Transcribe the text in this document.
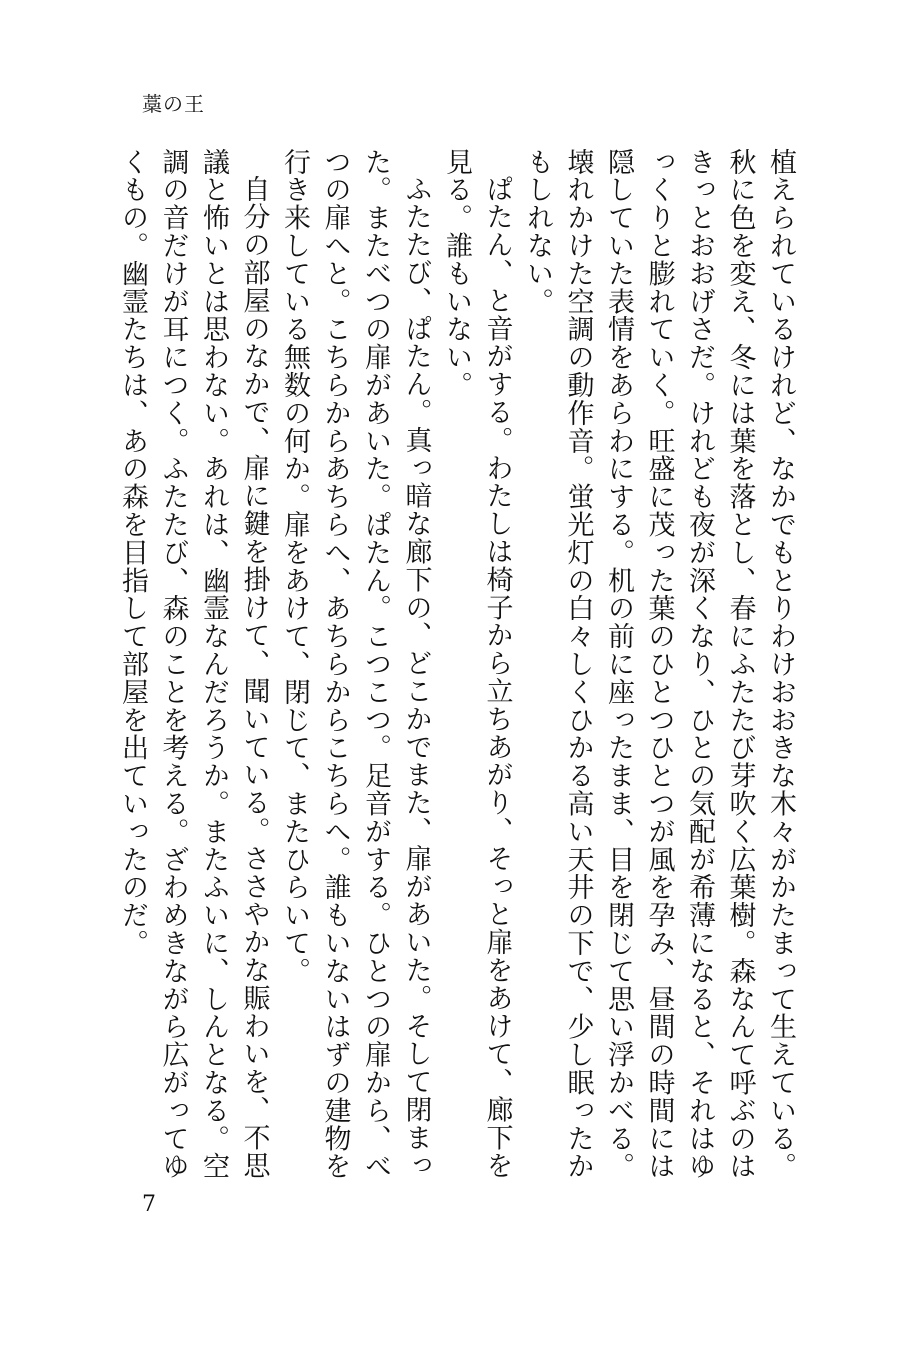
藁の王

植えられているけれど、なかでもとりわけおおきな木々がかたまって生えている。秋に色を変え、冬には葉を落とし、春にふたたび芽吹く広葉樹。森なんて呼ぶのはきっとおおげさだ。けれども夜が深くなり、ひとの気配が希薄になると、それはゆっくりと膨れていく。旺盛に茂った葉のひとつひとつが風を孕み、昼間の時間には隠していた表情をあらわにする。机の前に座ったまま、目を閉じて思い浮かべる。壊れかけた空調の動作音。蛍光灯の白々しくひかる高い天井の下で、少し眠ったかもしれない。

ぱたん、と音がする。わたしは椅子から立ちあがり、そっと扉をあけて、廊下を見る。誰もいない。

ふたたび、ぱたん。真っ暗な廊下の、どこかでまた、扉があいた。そして閉まった。またべつの扉があいた。ぱたん。こつこつ。足音がする。ひとつの扉から、べつの扉へと。こちらからあちらへ、あちらからこちらへ。誰もいないはずの建物を行き来している無数の何か。扉をあけて、閉じて、またひらいて。

自分の部屋のなかで、扉に鍵を掛けて、聞いている。ささやかな賑わいを、不思議と怖いとは思わない。あれは、幽霊なんだろうか。またふいに、しんとなる。空調の音だけが耳につく。ふたたび、森のことを考える。ざわめきながら広がってゆくもの。幽霊たちは、あの森を目指して部屋を出ていったのだ。

7
